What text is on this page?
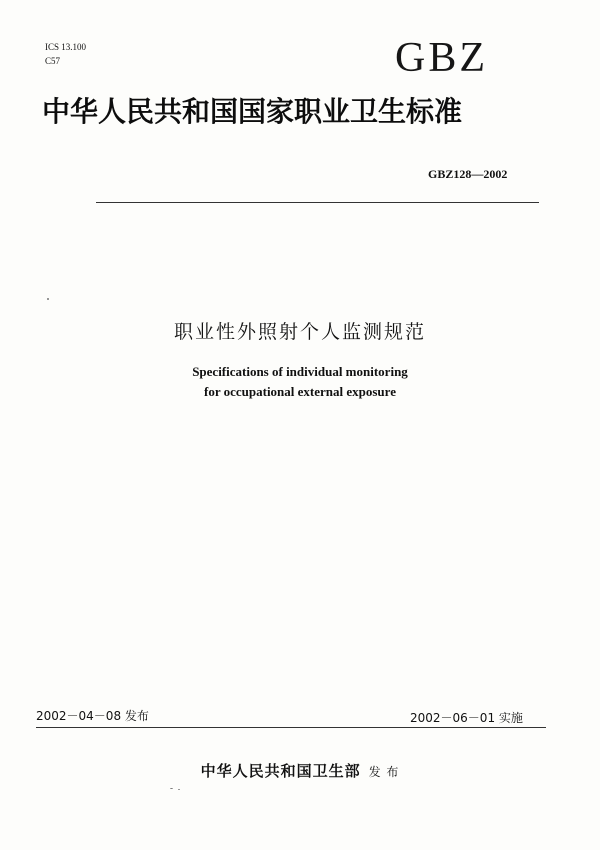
ICS 13.100
C57	GBZ
中华人民共和国国家职业卫生标准
GBZ128—2002
职业性外照射个人监测规范
Specifications of individual monitoring
for occupational external exposure
2002－04－08 发布	2002－06－01 实施
中华人民共和国卫生部 发 布
